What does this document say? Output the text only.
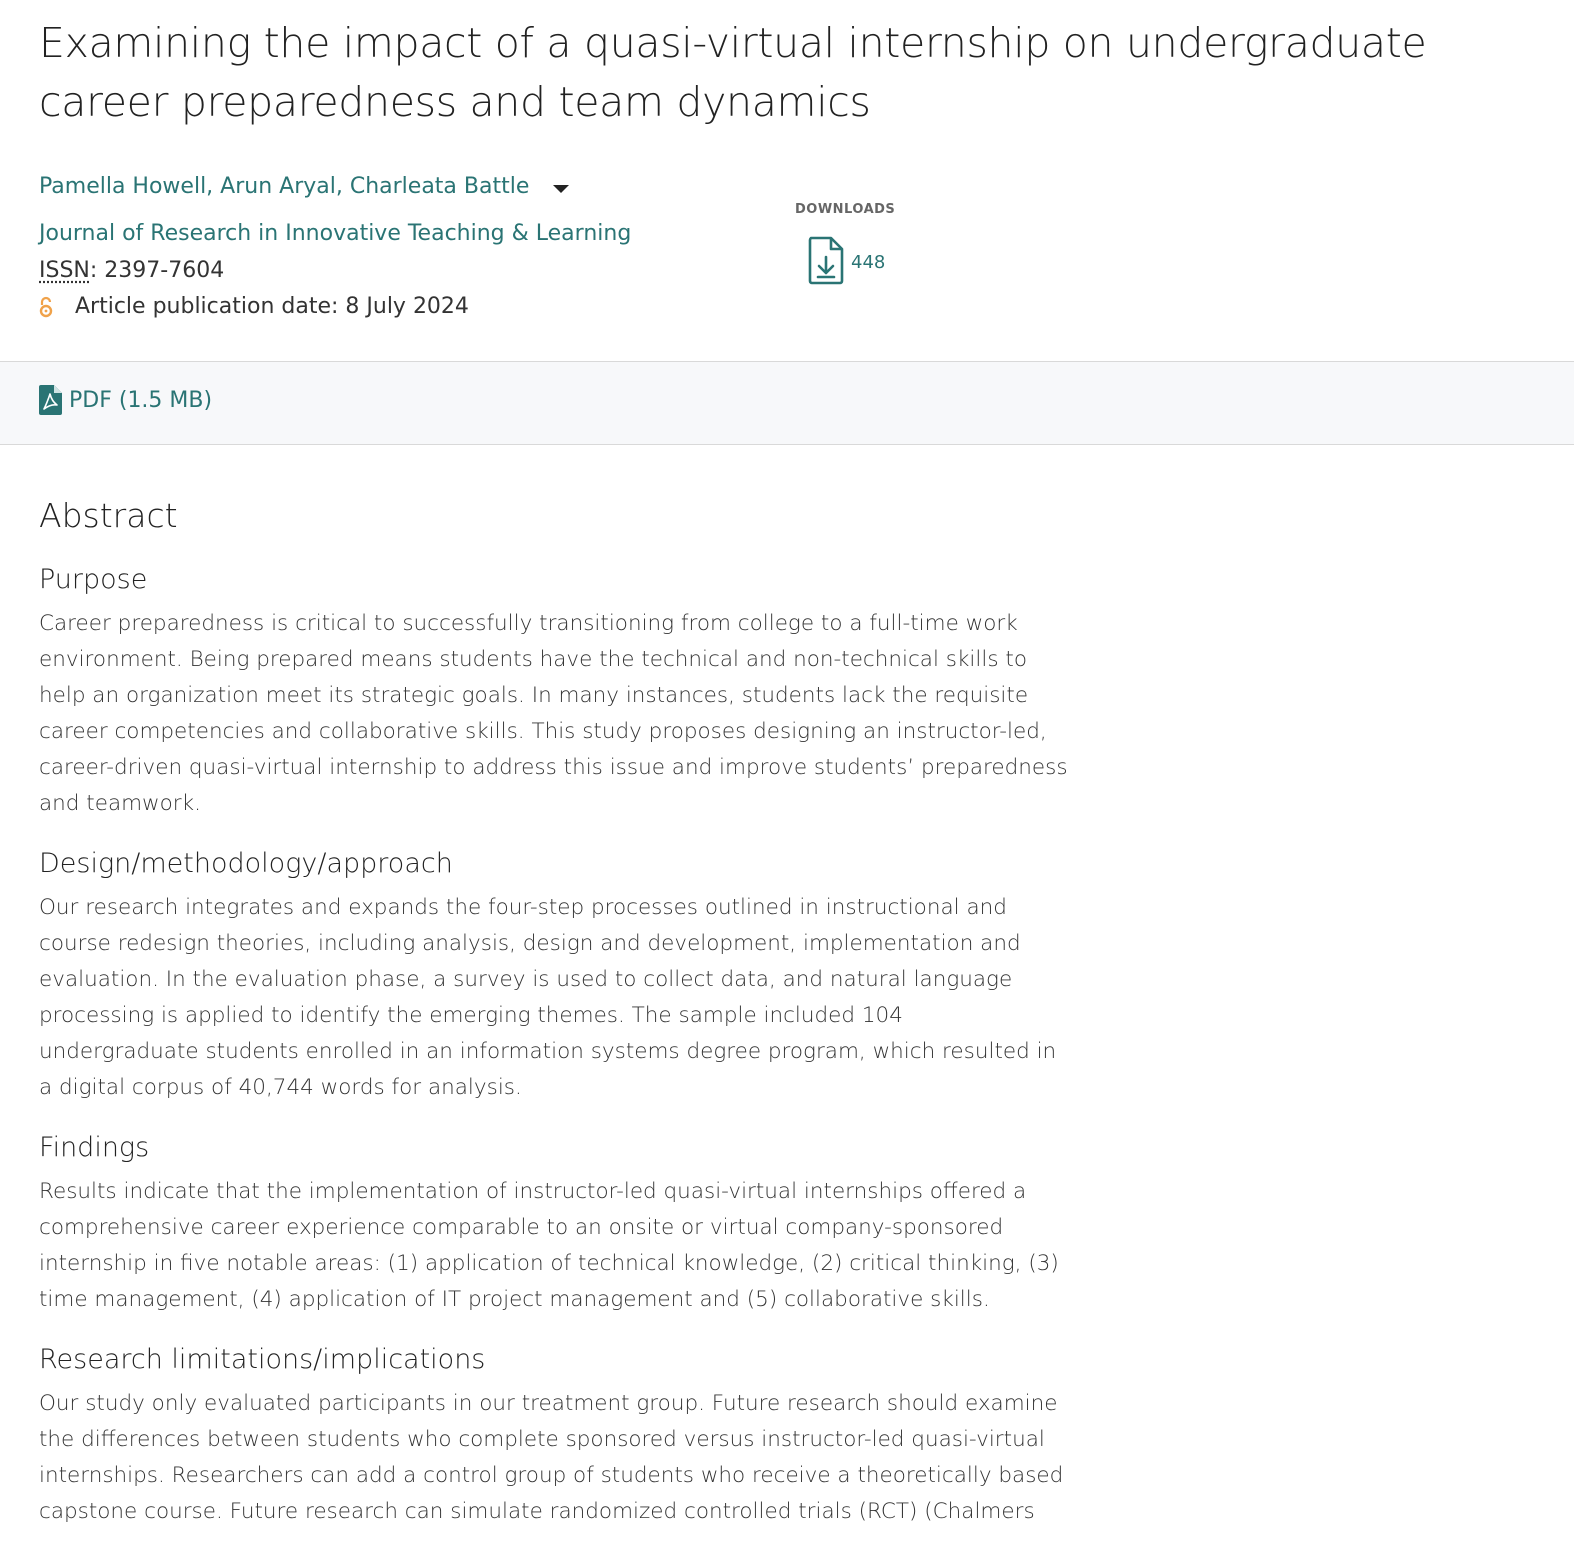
Examining the impact of a quasi-virtual internship on undergraduate career preparedness and team dynamics
Pamella Howell, Arun Aryal, Charleata Battle
Journal of Research in Innovative Teaching & Learning
ISSN: 2397-7604
Article publication date: 8 July 2024
DOWNLOADS
448
PDF (1.5 MB)
Abstract
Purpose

Career preparedness is critical to successfully transitioning from college to a full-time work environment. Being prepared means students have the technical and non-technical skills to help an organization meet its strategic goals. In many instances, students lack the requisite career competencies and collaborative skills. This study proposes designing an instructor-led, career-driven quasi-virtual internship to address this issue and improve students’ preparedness and teamwork.

Design/methodology/approach

Our research integrates and expands the four-step processes outlined in instructional and course redesign theories, including analysis, design and development, implementation and evaluation. In the evaluation phase, a survey is used to collect data, and natural language processing is applied to identify the emerging themes. The sample included 104 undergraduate students enrolled in an information systems degree program, which resulted in a digital corpus of 40,744 words for analysis.

Findings

Results indicate that the implementation of instructor-led quasi-virtual internships offered a comprehensive career experience comparable to an onsite or virtual company-sponsored internship in five notable areas: (1) application of technical knowledge, (2) critical thinking, (3) time management, (4) application of IT project management and (5) collaborative skills.

Research limitations/implications

Our study only evaluated participants in our treatment group. Future research should examine the differences between students who complete sponsored versus instructor-led quasi-virtual internships. Researchers can add a control group of students who receive a theoretically based capstone course. Future research can simulate randomized controlled trials (RCT) (Chalmers
